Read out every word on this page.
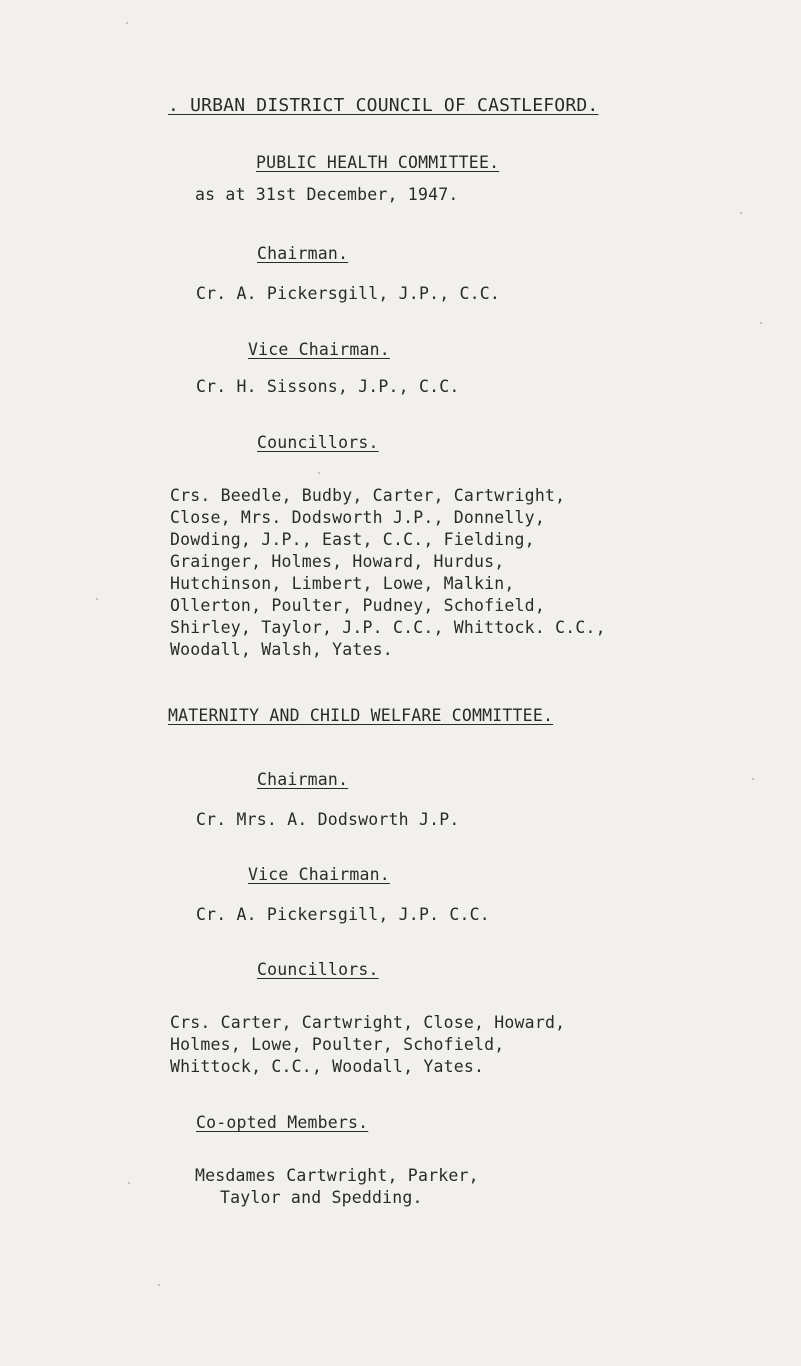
. URBAN DISTRICT COUNCIL OF CASTLEFORD.
PUBLIC HEALTH COMMITTEE.
as at 31st December, 1947.
Chairman.
Cr. A. Pickersgill, J.P., C.C.
Vice Chairman.
Cr. H. Sissons, J.P., C.C.
Councillors.
Crs. Beedle, Budby, Carter, Cartwright,
Close, Mrs. Dodsworth J.P., Donnelly,
Dowding, J.P., East, C.C., Fielding,
Grainger, Holmes, Howard, Hurdus,
Hutchinson, Limbert, Lowe, Malkin,
Ollerton, Poulter, Pudney, Schofield,
Shirley, Taylor, J.P. C.C., Whittock. C.C.,
Woodall, Walsh, Yates.
MATERNITY AND CHILD WELFARE COMMITTEE.
Chairman.
Cr. Mrs. A. Dodsworth J.P.
Vice Chairman.
Cr. A. Pickersgill, J.P. C.C.
Councillors.
Crs. Carter, Cartwright, Close, Howard,
Holmes, Lowe, Poulter, Schofield,
Whittock, C.C., Woodall, Yates.
Co-opted Members.
Mesdames Cartwright, Parker,
Taylor and Spedding.
